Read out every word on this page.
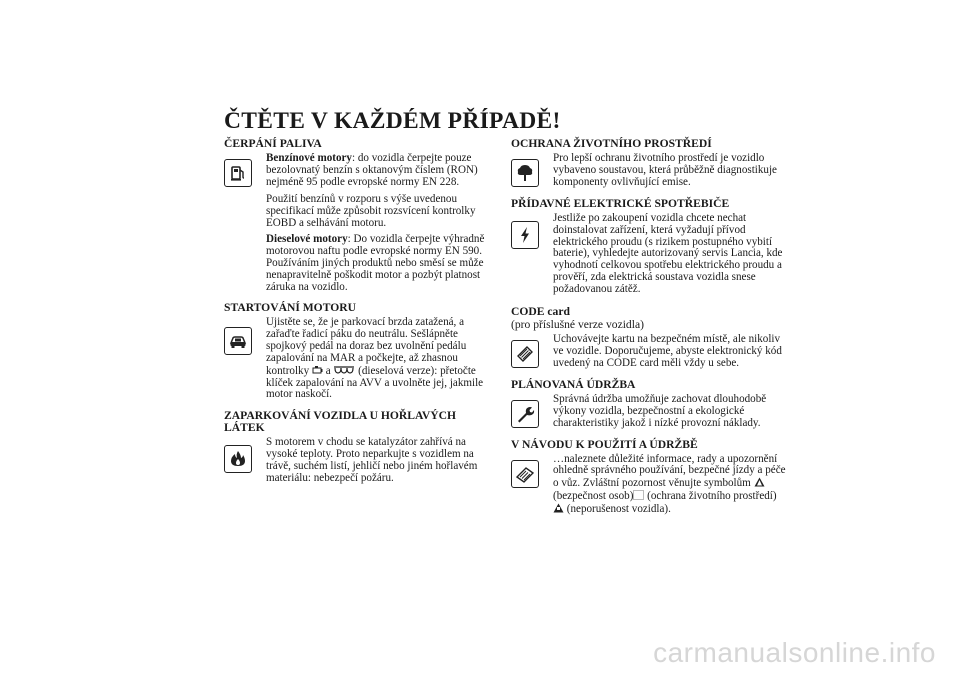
ČTĚTE V KAŽDÉM PŘÍPADĚ!
ČERPÁNÍ PALIVA

Benzínové motory: do vozidla čerpejte pouze bezolovnatý benzín s oktanovým číslem (RON) nejméně 95 podle evropské normy EN 228.

Použití benzínů v rozporu s výše uvedenou specifikací může způsobit rozsvícení kontrolky EOBD a selhávání motoru.

Dieselové motory: Do vozidla čerpejte výhradně motorovou naftu podle evropské normy EN 590. Používáním jiných produktů nebo směsí se může nenapravitelně poškodit motor a pozbýt platnost záruka na vozidlo.

STARTOVÁNÍ MOTORU

Ujistěte se, že je parkovací brzda zatažená, a zařaďte řadicí páku do neutrálu. Sešlápněte spojkový pedál na doraz bez uvolnění pedálu zapalování na MAR a počkejte, až zhasnou kontrolky
a
(dieselová verze): přetočte klíček zapalování na AVV a uvolněte jej, jakmile motor naskočí.

ZAPARKOVÁNÍ VOZIDLA U HOŘLAVÝCH LÁTEK

S motorem v chodu se katalyzátor zahřívá na vysoké teploty. Proto neparkujte s vozidlem na trávě, suchém listí, jehličí nebo jiném hořlavém materiálu: nebezpečí požáru.

OCHRANA ŽIVOTNÍHO PROSTŘEDÍ

Pro lepší ochranu životního prostředí je vozidlo vybaveno soustavou, která průběžně diagnostikuje komponenty ovlivňující emise.

PŘÍDAVNÉ ELEKTRICKÉ SPOTŘEBIČE

Jestliže po zakoupení vozidla chcete nechat doinstalovat zařízení, která vyžadují přívod elektrického proudu (s rizikem postupného vybití baterie), vyhledejte autorizovaný servis Lancia, kde vyhodnotí celkovou spotřebu elektrického proudu a prověří, zda elektrická soustava vozidla snese požadovanou zátěž.

CODE card
(pro příslušné verze vozidla)

Uchovávejte kartu na bezpečném místě, ale nikoliv ve vozidle. Doporučujeme, abyste elektronický kód uvedený na CODE card měli vždy u sebe.

PLÁNOVANÁ ÚDRŽBA

Správná údržba umožňuje zachovat dlouhodobě výkony vozidla, bezpečnostní a ekologické charakteristiky jakož i nízké provozní náklady.

V NÁVODU K POUŽITÍ A ÚDRŽBĚ

…naleznete důležité informace, rady a upozornění ohledně správného používání, bezpečné jízdy a péče o vůz. Zvláštní pozornost věnujte symbolům
(bezpečnost osob)
(ochrana životního prostředí)
(neporušenost vozidla).

carmanualsonline.info
